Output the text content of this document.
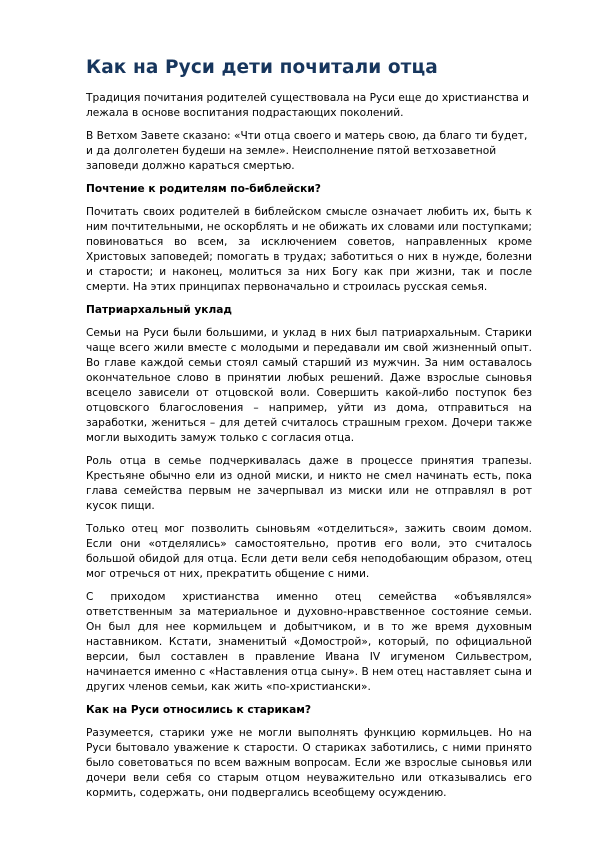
Как на Руси дети почитали отца

Традиция почитания родителей существовала на Руси еще до христианства и лежала в основе воспитания подрастающих поколений.

В Ветхом Завете сказано: «Чти отца своего и матерь свою, да благо ти будет, и да долголетен будеши на земле». Неисполнение пятой ветхозаветной заповеди должно караться смертью.

Почтение к родителям по-библейски?

Почитать своих родителей в библейском смысле означает любить их, быть к ним почтительными, не оскорблять и не обижать их словами или поступками; повиноваться во всем, за исключением советов, направленных кроме Христовых заповедей; помогать в трудах; заботиться о них в нужде, болезни и старости; и наконец, молиться за них Богу как при жизни, так и после смерти. На этих принципах первоначально и строилась русская семья.

Патриархальный уклад

Семьи на Руси были большими, и уклад в них был патриархальным. Старики чаще всего жили вместе с молодыми и передавали им свой жизненный опыт. Во главе каждой семьи стоял самый старший из мужчин. За ним оставалось окончательное слово в принятии любых решений. Даже взрослые сыновья всецело зависели от отцовской воли. Совершить какой-либо поступок без отцовского благословения – например, уйти из дома, отправиться на заработки, жениться – для детей считалось страшным грехом. Дочери также могли выходить замуж только с согласия отца.

Роль отца в семье подчеркивалась даже в процессе принятия трапезы. Крестьяне обычно ели из одной миски, и никто не смел начинать есть, пока глава семейства первым не зачерпывал из миски или не отправлял в рот кусок пищи.

Только отец мог позволить сыновьям «отделиться», зажить своим домом. Если они «отделялись» самостоятельно, против его воли, это считалось большой обидой для отца. Если дети вели себя неподобающим образом, отец мог отречься от них, прекратить общение с ними.

С приходом христианства именно отец семейства «объявлялся» ответственным за материальное и духовно-нравственное состояние семьи. Он был для нее кормильцем и добытчиком, и в то же время духовным наставником. Кстати, знаменитый «Домострой», который, по официальной версии, был составлен в правление Ивана IV игуменом Сильвестром, начинается именно с «Наставления отца сыну». В нем отец наставляет сына и других членов семьи, как жить «по-христиански».

Как на Руси относились к старикам?

Разумеется, старики уже не могли выполнять функцию кормильцев. Но на Руси бытовало уважение к старости. О стариках заботились, с ними принято было советоваться по всем важным вопросам. Если же взрослые сыновья или дочери вели себя со старым отцом неуважительно или отказывались его кормить, содержать, они подвергались всеобщему осуждению.
